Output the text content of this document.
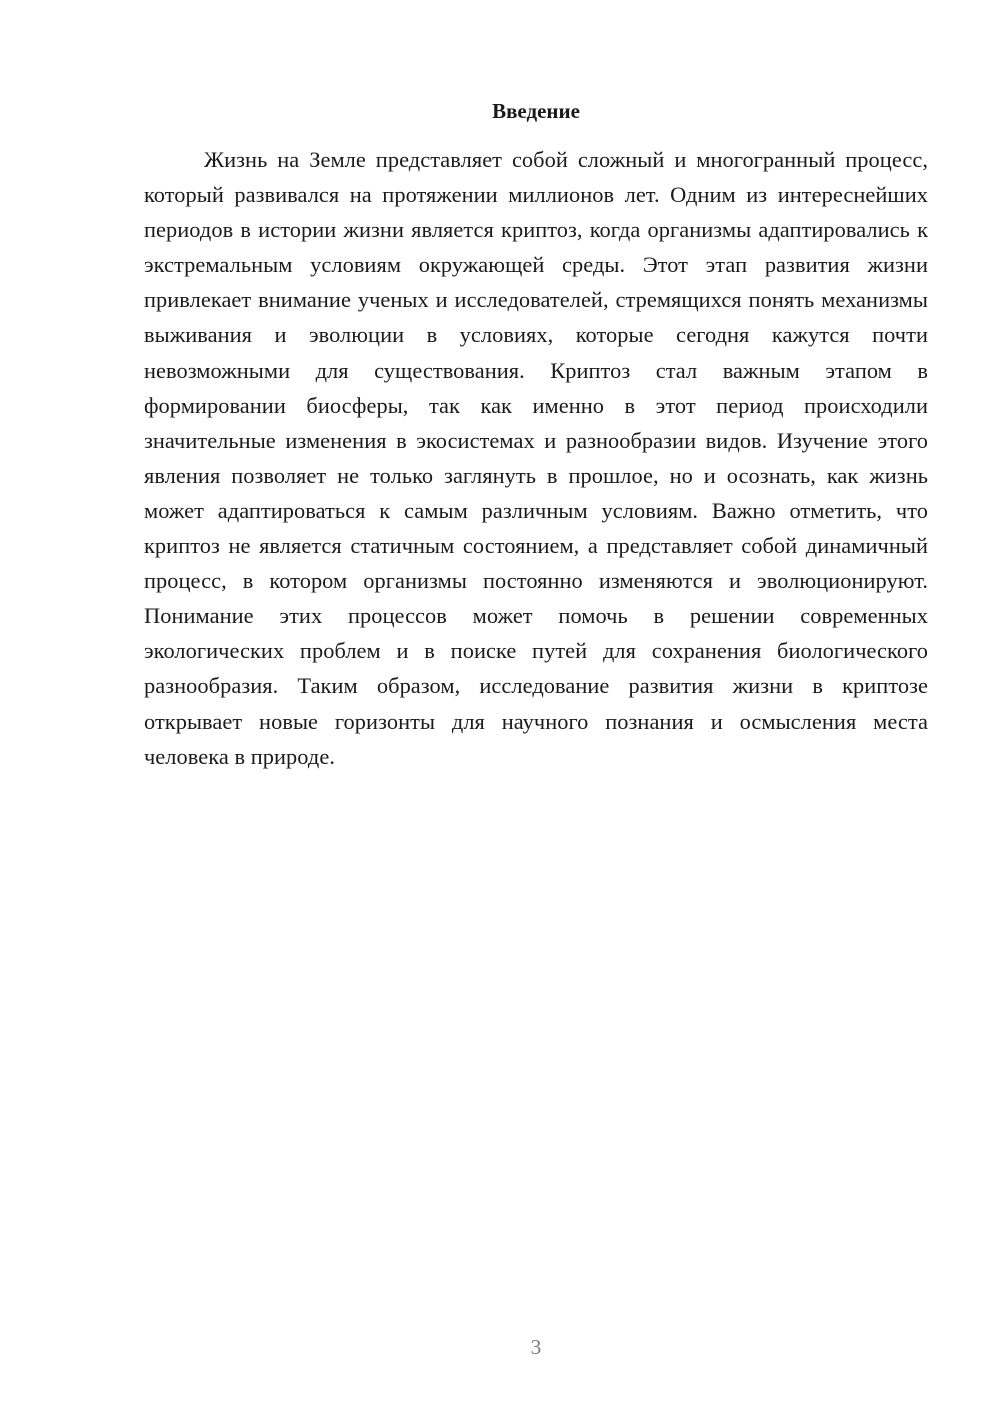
Введение

Жизнь на Земле представляет собой сложный и многогранный процесс, который развивался на протяжении миллионов лет. Одним из интереснейших периодов в истории жизни является криптоз, когда организмы адаптировались к экстремальным условиям окружающей среды. Этот этап развития жизни привлекает внимание ученых и исследователей, стремящихся понять механизмы выживания и эволюции в условиях, которые сегодня кажутся почти невозможными для существования. Криптоз стал важным этапом в формировании биосферы, так как именно в этот период происходили значительные изменения в экосистемах и разнообразии видов. Изучение этого явления позволяет не только заглянуть в прошлое, но и осознать, как жизнь может адаптироваться к самым различным условиям. Важно отметить, что криптоз не является статичным состоянием, а представляет собой динамичный процесс, в котором организмы постоянно изменяются и эволюционируют. Понимание этих процессов может помочь в решении современных экологических проблем и в поиске путей для сохранения биологического разнообразия. Таким образом, исследование развития жизни в криптозе открывает новые горизонты для научного познания и осмысления места человека в природе.

3
